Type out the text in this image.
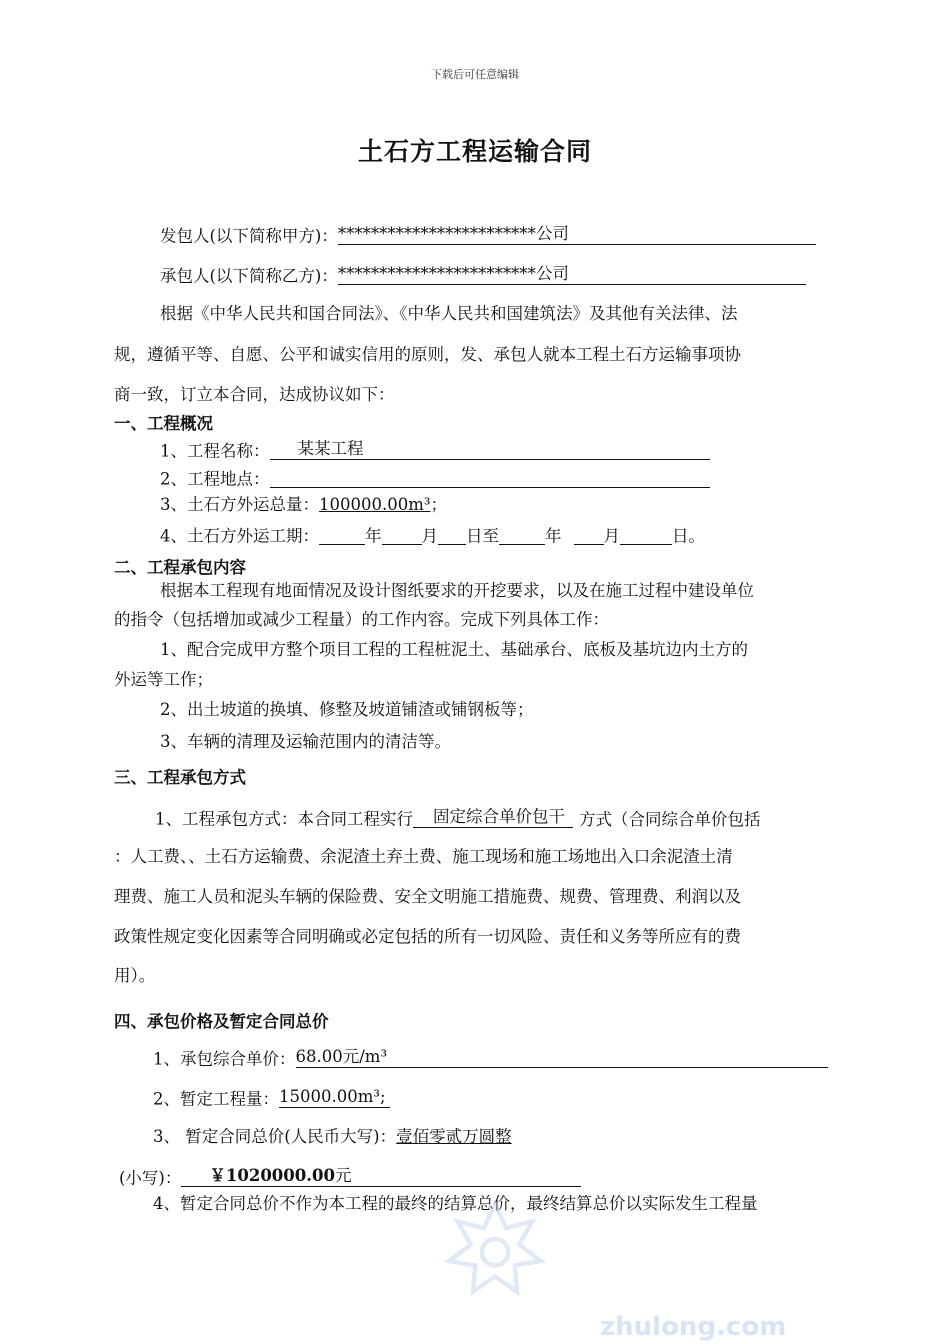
下载后可任意编辑
土石方工程运输合同
发包人(以下简称甲方)：************************公司
承包人(以下简称乙方)：************************公司
根据《中华人民共和国合同法》、《中华人民共和国建筑法》及其他有关法律、法
规，遵循平等、自愿、公平和诚实信用的原则，发、承包人就本工程土石方运输事项协
商一致，订立本合同，达成协议如下：
一、工程概况
1、工程名称： 某某工程
2、工程地点：
3、土石方外运总量：100000.00m³；
4、土石方外运工期：	年 月 日至	年	月	日。
二、工程承包内容
根据本工程现有地面情况及设计图纸要求的开挖要求，以及在施工过程中建设单位
的指令（包括增加或减少工程量）的工作内容。完成下列具体工作：
1、配合完成甲方整个项目工程的工程桩泥土、基础承台、底板及基坑边内土方的
外运等工作；
2、出土坡道的换填、修整及坡道铺渣或铺钢板等；
3、车辆的清理及运输范围内的清洁等。
三、工程承包方式
1、工程承包方式：本合同工程实行 固定综合单价包干 方式（合同综合单价包括
：人工费、、土石方运输费、余泥渣土弃土费、施工现场和施工场地出入口余泥渣土清
理费、施工人员和泥头车辆的保险费、安全文明施工措施费、规费、管理费、利润以及
政策性规定变化因素等合同明确或必定包括的所有一切风险、责任和义务等所应有的费
用）。
四、承包价格及暂定合同总价
1、承包综合单价：68.00元/m³
2、暂定工程量：15000.00m³;
3、 暂定合同总价(人民币大写)：壹佰零贰万圆整
(小写)： ￥1020000.00元
4、暂定合同总价不作为本工程的最终的结算总价，最终结算总价以实际发生工程量
zhulong.com
